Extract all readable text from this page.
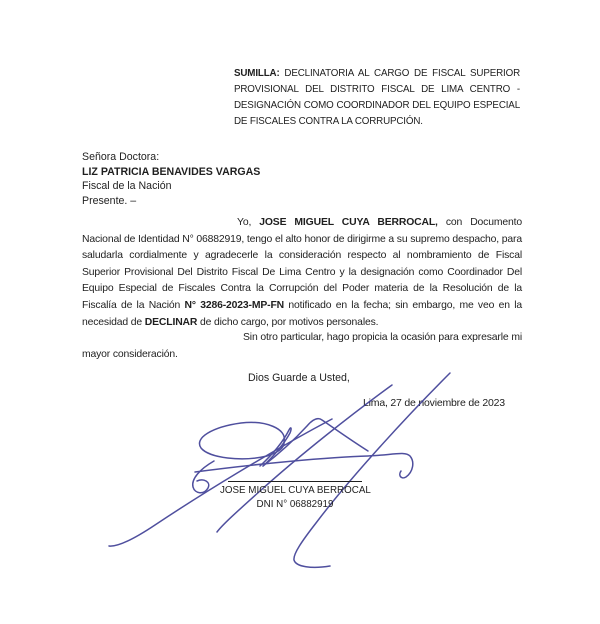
SUMILLA: DECLINATORIA AL CARGO DE FISCAL SUPERIOR PROVISIONAL DEL DISTRITO FISCAL DE LIMA CENTRO - DESIGNACIÓN COMO COORDINADOR DEL EQUIPO ESPECIAL DE FISCALES CONTRA LA CORRUPCIÓN.

Señora Doctora:
LIZ PATRICIA BENAVIDES VARGAS
Fiscal de la Nación
Presente. –

Yo, JOSE MIGUEL CUYA BERROCAL, con Documento Nacional de Identidad N° 06882919, tengo el alto honor de dirigirme a su supremo despacho, para saludarla cordialmente y agradecerle la consideración respecto al nombramiento de Fiscal Superior Provisional Del Distrito Fiscal De Lima Centro y la designación como Coordinador Del Equipo Especial de Fiscales Contra la Corrupción del Poder materia de la Resolución de la Fiscalía de la Nación N° 3286-2023-MP-FN notificado en la fecha; sin embargo, me veo en la necesidad de DECLINAR de dicho cargo, por motivos personales.

Sin otro particular, hago propicia la ocasión para expresarle mi mayor consideración.

Dios Guarde a Usted,
Lima, 27 de noviembre de 2023
JOSE MIGUEL CUYA BERROCAL
DNI N° 06882919
